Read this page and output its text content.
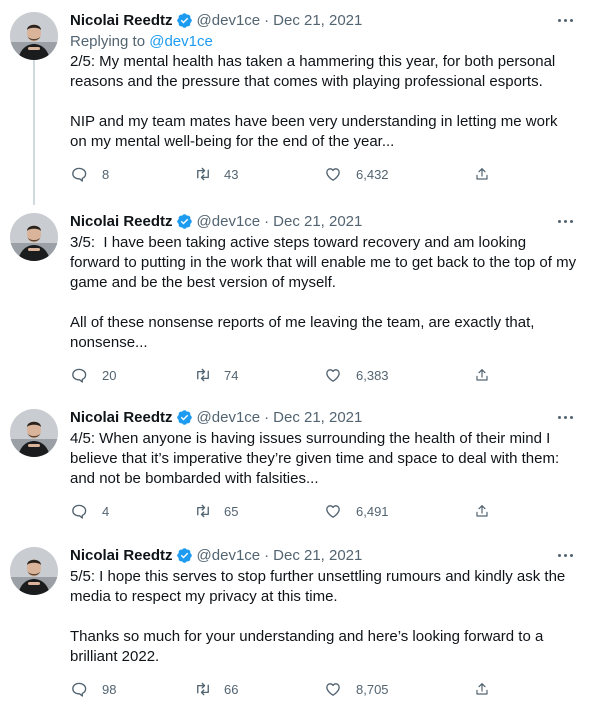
Nicolai Reedtz @dev1ce · Dec 21, 2021
Replying to @dev1ce
2/5: My mental health has taken a hammering this year, for both personal reasons and the pressure that comes with playing professional esports.

NIP and my team mates have been very understanding in letting me work on my mental well-being for the end of the year...
8	43	6,432
Nicolai Reedtz @dev1ce · Dec 21, 2021
3/5:  I have been taking active steps toward recovery and am looking forward to putting in the work that will enable me to get back to the top of my game and be the best version of myself.

All of these nonsense reports of me leaving the team, are exactly that, nonsense...
20	74	6,383
Nicolai Reedtz @dev1ce · Dec 21, 2021
4/5: When anyone is having issues surrounding the health of their mind I believe that it’s imperative they’re given time and space to deal with them: and not be bombarded with falsities...
4	65	6,491
Nicolai Reedtz @dev1ce · Dec 21, 2021
5/5: I hope this serves to stop further unsettling rumours and kindly ask the media to respect my privacy at this time.

Thanks so much for your understanding and here’s looking forward to a brilliant 2022.
98	66	8,705
